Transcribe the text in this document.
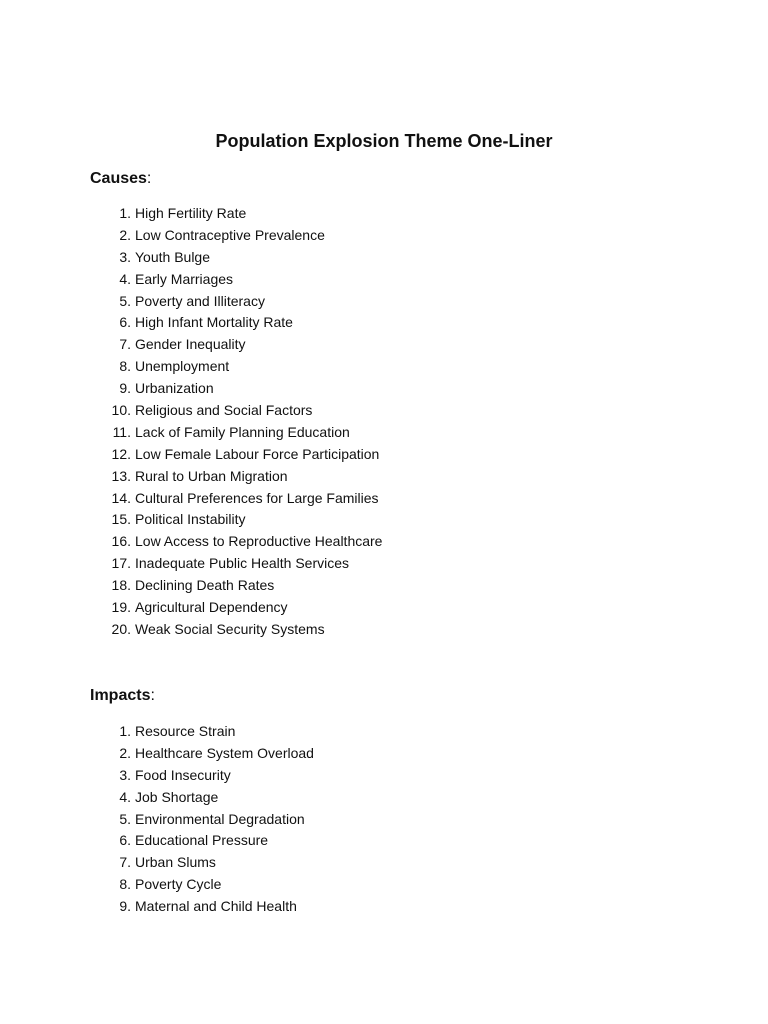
Population Explosion Theme One-Liner
Causes:
1. High Fertility Rate
2. Low Contraceptive Prevalence
3. Youth Bulge
4. Early Marriages
5. Poverty and Illiteracy
6. High Infant Mortality Rate
7. Gender Inequality
8. Unemployment
9. Urbanization
10. Religious and Social Factors
11. Lack of Family Planning Education
12. Low Female Labour Force Participation
13. Rural to Urban Migration
14. Cultural Preferences for Large Families
15. Political Instability
16. Low Access to Reproductive Healthcare
17. Inadequate Public Health Services
18. Declining Death Rates
19. Agricultural Dependency
20. Weak Social Security Systems
Impacts:
1. Resource Strain
2. Healthcare System Overload
3. Food Insecurity
4. Job Shortage
5. Environmental Degradation
6. Educational Pressure
7. Urban Slums
8. Poverty Cycle
9. Maternal and Child Health
